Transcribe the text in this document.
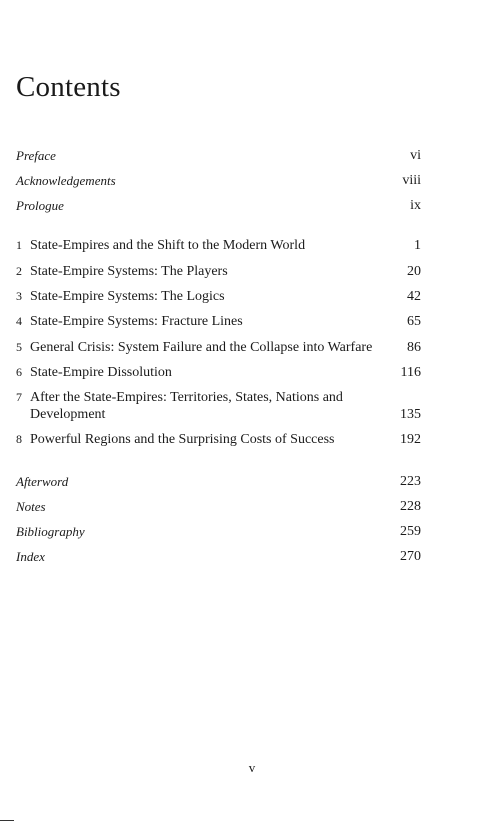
Contents
Preface	vi
Acknowledgements	viii
Prologue	ix
1 State-Empires and the Shift to the Modern World	1
2 State-Empire Systems: The Players	20
3 State-Empire Systems: The Logics	42
4 State-Empire Systems: Fracture Lines	65
5 General Crisis: System Failure and the Collapse into Warfare 86
6 State-Empire Dissolution	116
7 After the State-Empires: Territories, States, Nations and Development	135
8 Powerful Regions and the Surprising Costs of Success	192
Afterword	223
Notes	228
Bibliography	259
Index	270
v
